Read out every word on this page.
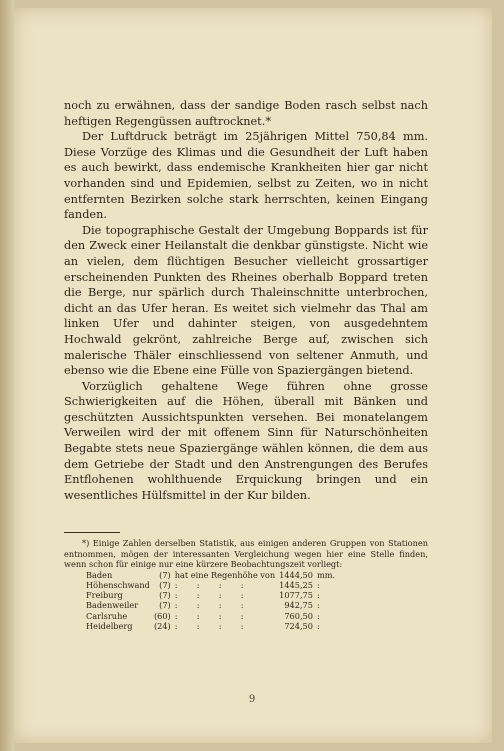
noch zu erwähnen, dass der sandige Boden rasch selbst nach heftigen Regengüssen auftrocknet.*

Der Luftdruck beträgt im 25jährigen Mittel 750,84 mm. Diese Vorzüge des Klimas und die Gesundheit der Luft haben es auch bewirkt, dass endemische Krankheiten hier gar nicht vorhanden sind und Epidemien, selbst zu Zeiten, wo in nicht entfernten Bezirken solche stark herrschten, keinen Eingang fanden.

Die topographische Gestalt der Umgebung Boppards ist für den Zweck einer Heilanstalt die denkbar günstigste. Nicht wie an vielen, dem flüchtigen Besucher vielleicht grossartiger erscheinenden Punkten des Rheines oberhalb Boppard treten die Berge, nur spärlich durch Thaleinschnitte unterbrochen, dicht an das Ufer heran. Es weitet sich vielmehr das Thal am linken Ufer und dahinter steigen, von ausgedehntem Hochwald gekrönt, zahlreiche Berge auf, zwischen sich malerische Thäler einschliessend von seltener Anmuth, und ebenso wie die Ebene eine Fülle von Spaziergängen bietend.

Vorzüglich gehaltene Wege führen ohne grosse Schwierigkeiten auf die Höhen, überall mit Bänken und geschützten Aussichtspunkten versehen. Bei monatelangem Verweilen wird der mit offenem Sinn für Naturschönheiten Begabte stets neue Spaziergänge wählen können, die dem aus dem Getriebe der Stadt und den Anstrengungen des Berufes Entflohenen wohlthuende Erquickung bringen und ein wesentliches Hülfsmittel in der Kur bilden.

*) Einige Zahlen derselben Statistik, aus einigen anderen Gruppen von Stationen entnommen, mögen der interessanten Vergleichung wegen hier eine Stelle finden, wenn schon für einige nur eine kürzere Beobachtungszeit vorliegt:

Baden	(7)	hat eine Regenhöhe von	1444,50	mm.
Höhenschwand	(7)	: : : :	1445,25	:
Freiburg	(7)	: : : :	1077,75	:
Badenweiler	(7)	: : : :	942,75	:
Carlsruhe	(60)	: : : :	760,50	:
Heidelberg	(24)	: : : :	724,50	:
9
